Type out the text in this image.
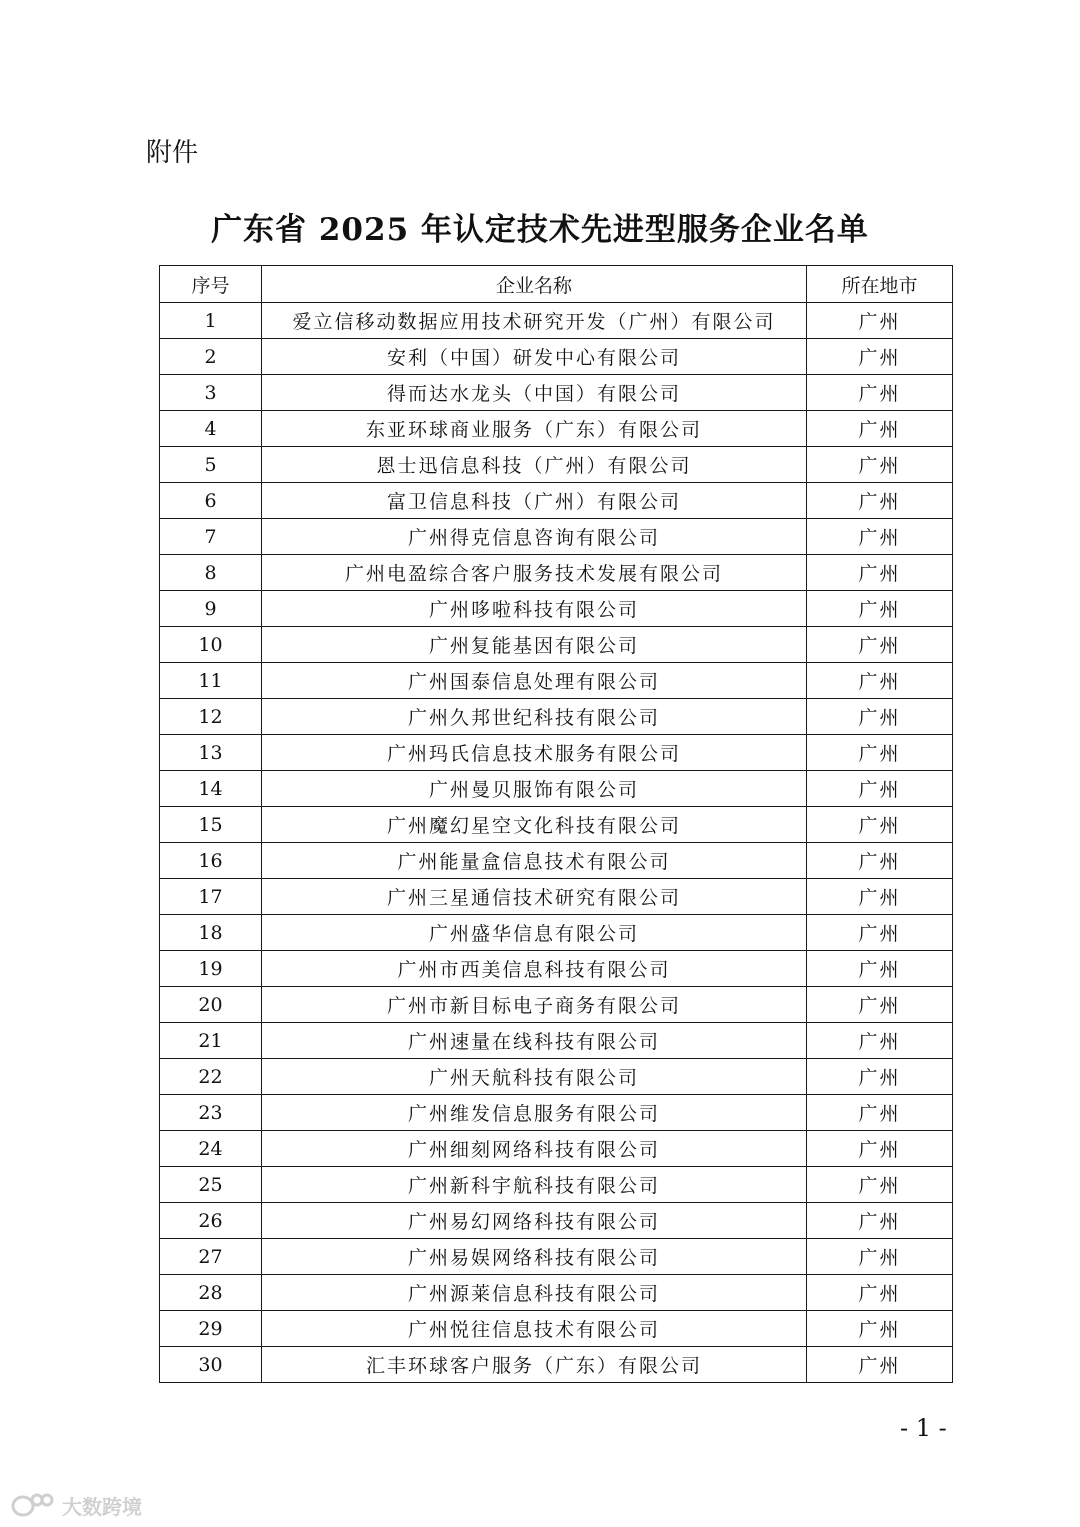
附件
广东省 2025 年认定技术先进型服务企业名单
序号	企业名称	所在地市
1	爱立信移动数据应用技术研究开发（广州）有限公司	广州
2	安利（中国）研发中心有限公司	广州
3	得而达水龙头（中国）有限公司	广州
4	东亚环球商业服务（广东）有限公司	广州
5	恩士迅信息科技（广州）有限公司	广州
6	富卫信息科技（广州）有限公司	广州
7	广州得克信息咨询有限公司	广州
8	广州电盈综合客户服务技术发展有限公司	广州
9	广州哆啦科技有限公司	广州
10	广州复能基因有限公司	广州
11	广州国泰信息处理有限公司	广州
12	广州久邦世纪科技有限公司	广州
13	广州玛氏信息技术服务有限公司	广州
14	广州曼贝服饰有限公司	广州
15	广州魔幻星空文化科技有限公司	广州
16	广州能量盒信息技术有限公司	广州
17	广州三星通信技术研究有限公司	广州
18	广州盛华信息有限公司	广州
19	广州市西美信息科技有限公司	广州
20	广州市新目标电子商务有限公司	广州
21	广州速量在线科技有限公司	广州
22	广州天航科技有限公司	广州
23	广州维发信息服务有限公司	广州
24	广州细刻网络科技有限公司	广州
25	广州新科宇航科技有限公司	广州
26	广州易幻网络科技有限公司	广州
27	广州易娱网络科技有限公司	广州
28	广州源莱信息科技有限公司	广州
29	广州悦往信息技术有限公司	广州
30	汇丰环球客户服务（广东）有限公司	广州
- 1 -
大数跨境
